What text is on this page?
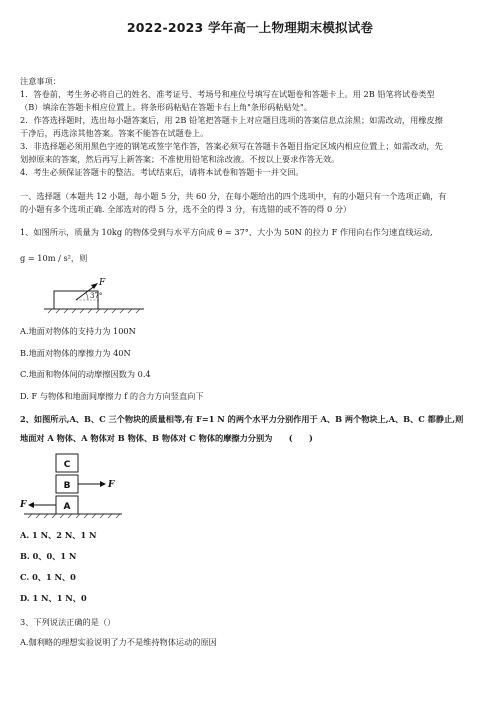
2022-2023 学年高一上物理期末模拟试卷
注意事项：
1．答卷前，考生务必将自己的姓名、准考证号、考场号和座位号填写在试题卷和答题卡上。用 2B 铅笔将试卷类型
（B）填涂在答题卡相应位置上。将条形码粘贴在答题卡右上角"条形码粘贴处"。
2．作答选择题时，选出每小题答案后，用 2B 铅笔把答题卡上对应题目选项的答案信息点涂黑；如需改动，用橡皮擦
干净后，再选涂其他答案。答案不能答在试题卷上。
3．非选择题必须用黑色字迹的钢笔或签字笔作答，答案必须写在答题卡各题目指定区域内相应位置上；如需改动，先
划掉原来的答案，然后再写上新答案；不准使用铅笔和涂改液。不按以上要求作答无效。
4．考生必须保证答题卡的整洁。考试结束后，请将本试卷和答题卡一并交回。
一、选择题（本题共 12 小题，每小题 5 分，共 60 分，在每小题给出的四个选项中，有的小题只有一个选项正确，有
的小题有多个选项正确. 全部选对的得 5 分，选不全的得 3 分，有选错的或不答的得 0 分）
1、如图所示，质量为 10kg 的物体受到与水平方向成 θ = 37°、大小为 50N 的拉力 F 作用向右作匀速直线运动,
g = 10m / s²，则
F
37°
A.地面对物体的支持力为 100N
B.地面对物体的摩擦力为 40N
C.地面和物体间的动摩擦因数为 0.4
D. F 与物体和地面间摩擦力 f 的合力方向竖直向下
2、如图所示,A、B、C 三个物块的质量相等,有 F=1 N 的两个水平力分别作用于 A、B 两个物块上,A、B、C 都静止,则
地面对 A 物体、A 物体对 B 物体、B 物体对 C 物体的摩擦力分别为　　(　　)
C
B
A
F
F
A. 1 N、2 N、1 N
B. 0、0、1 N
C. 0、1 N、0
D. 1 N、1 N、0
3、下列说法正确的是（）
A.伽利略的理想实验说明了力不是维持物体运动的原因
